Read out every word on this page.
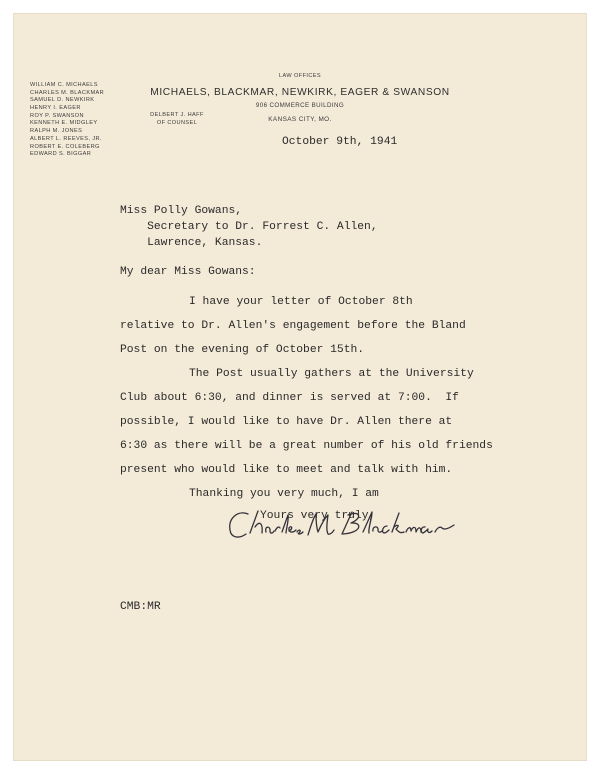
LAW OFFICES
MICHAELS, BLACKMAR, NEWKIRK, EAGER & SWANSON
906 COMMERCE BUILDING
KANSAS CITY, MO.
DELBERT J. HAFF
OF COUNSEL
WILLIAM C. MICHAELS
CHARLES M. BLACKMAR
SAMUEL D. NEWKIRK
HENRY I. EAGER
ROY P. SWANSON
KENNETH E. MIDGLEY
RALPH M. JONES
ALBERT L. REEVES, JR.
ROBERT E. COLEBERG
EDWARD S. BIGGAR
October 9th, 1941
Miss Polly Gowans,
Secretary to Dr. Forrest C. Allen,
Lawrence, Kansas.
My dear Miss Gowans:
I have your letter of October 8th
relative to Dr. Allen's engagement before the Bland
Post on the evening of October 15th.
The Post usually gathers at the University
Club about 6:30, and dinner is served at 7:00.  If
possible, I would like to have Dr. Allen there at
6:30 as there will be a great number of his old friends
present who would like to meet and talk with him.
Thanking you very much, I am
Yours very truly,
CMB:MR
